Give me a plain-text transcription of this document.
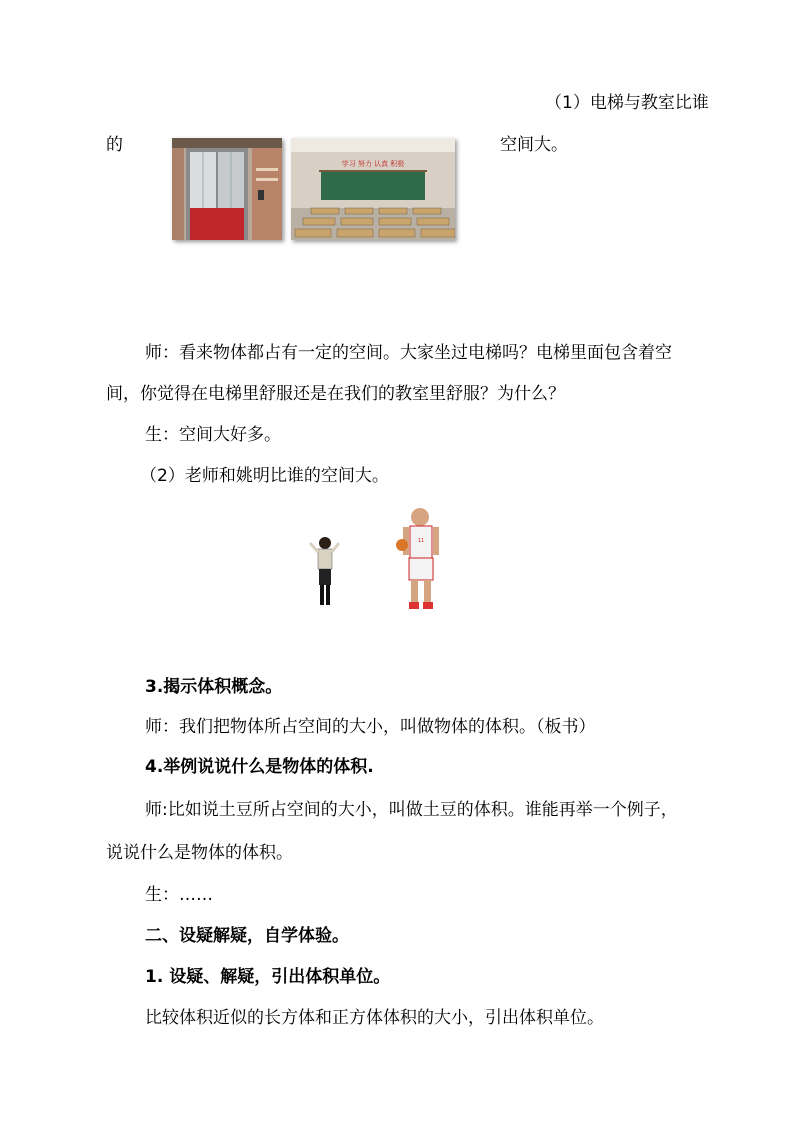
（1）电梯与教室比谁
的	空间大。
学习 努力 认真 积极
师：看来物体都占有一定的空间。大家坐过电梯吗？电梯里面包含着空
间，你觉得在电梯里舒服还是在我们的教室里舒服？为什么？
生：空间大好多。
（2）老师和姚明比谁的空间大。
11
3.揭示体积概念。
师：我们把物体所占空间的大小，叫做物体的体积。（板书）
4.举例说说什么是物体的体积.
师:比如说土豆所占空间的大小，叫做土豆的体积。谁能再举一个例子，
说说什么是物体的体积。
生：……
二、设疑解疑，自学体验。
1. 设疑、解疑，引出体积单位。
比较体积近似的长方体和正方体体积的大小，引出体积单位。
